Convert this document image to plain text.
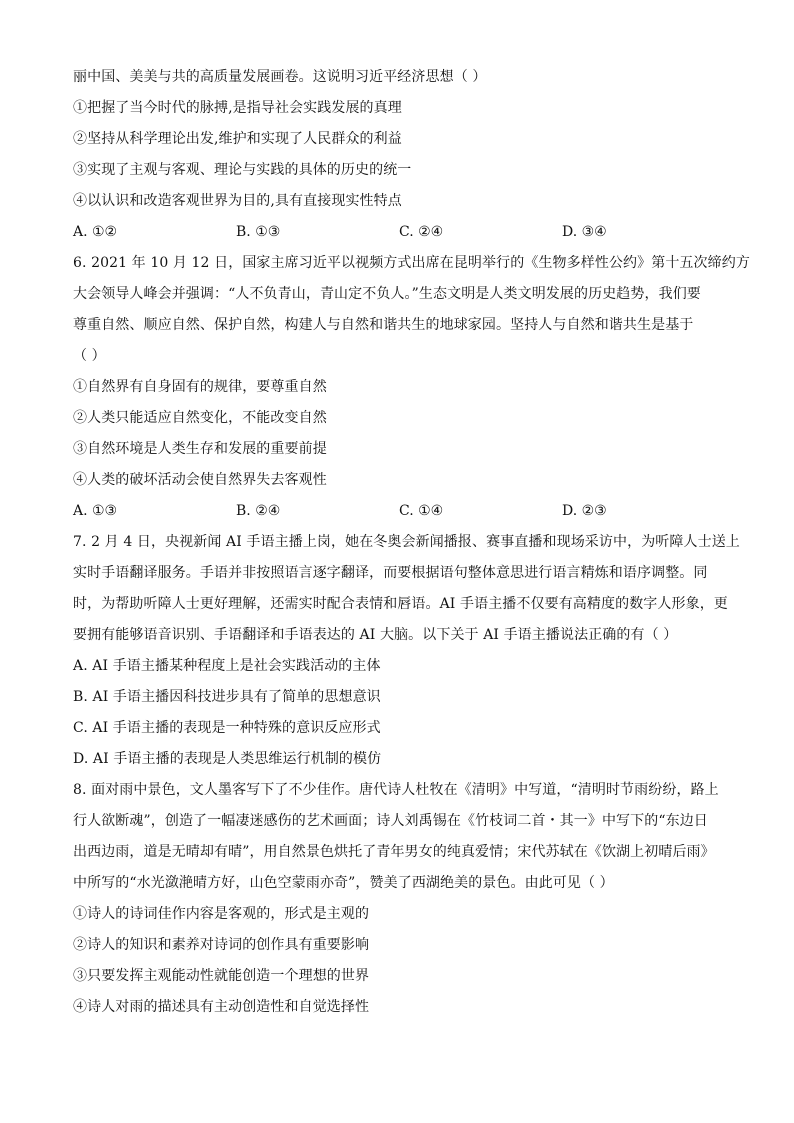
丽中国、美美与共的高质量发展画卷。这说明习近平经济思想（ ）
①把握了当今时代的脉搏,是指导社会实践发展的真理
②坚持从科学理论出发,维护和实现了人民群众的利益
③实现了主观与客观、理论与实践的具体的历史的统一
④以认识和改造客观世界为目的,具有直接现实性特点
A. ①②	B. ①③	C. ②④	D. ③④
6. 2021 年 10 月 12 日，国家主席习近平以视频方式出席在昆明举行的《生物多样性公约》第十五次缔约方
大会领导人峰会并强调：“人不负青山，青山定不负人。”生态文明是人类文明发展的历史趋势，我们要
尊重自然、顺应自然、保护自然，构建人与自然和谐共生的地球家园。坚持人与自然和谐共生是基于
（ ）
①自然界有自身固有的规律，要尊重自然
②人类只能适应自然变化，不能改变自然
③自然环境是人类生存和发展的重要前提
④人类的破坏活动会使自然界失去客观性
A. ①③	B. ②④	C. ①④	D. ②③
7. 2 月 4 日，央视新闻 AI 手语主播上岗，她在冬奥会新闻播报、赛事直播和现场采访中，为听障人士送上
实时手语翻译服务。手语并非按照语言逐字翻译，而要根据语句整体意思进行语言精炼和语序调整。同
时，为帮助听障人士更好理解，还需实时配合表情和唇语。AI 手语主播不仅要有高精度的数字人形象，更
要拥有能够语音识别、手语翻译和手语表达的 AI 大脑。以下关于 AI 手语主播说法正确的有（ ）
A. AI 手语主播某种程度上是社会实践活动的主体
B. AI 手语主播因科技进步具有了简单的思想意识
C. AI 手语主播的表现是一种特殊的意识反应形式
D. AI 手语主播的表现是人类思维运行机制的模仿
8. 面对雨中景色，文人墨客写下了不少佳作。唐代诗人杜牧在《清明》中写道，“清明时节雨纷纷，路上
行人欲断魂”，创造了一幅凄迷感伤的艺术画面；诗人刘禹锡在《竹枝词二首・其一》中写下的“东边日
出西边雨，道是无晴却有晴”，用自然景色烘托了青年男女的纯真爱情；宋代苏轼在《饮湖上初晴后雨》
中所写的“水光潋滟晴方好，山色空蒙雨亦奇”，赞美了西湖绝美的景色。由此可见（ ）
①诗人的诗词佳作内容是客观的，形式是主观的
②诗人的知识和素养对诗词的创作具有重要影响
③只要发挥主观能动性就能创造一个理想的世界
④诗人对雨的描述具有主动创造性和自觉选择性
